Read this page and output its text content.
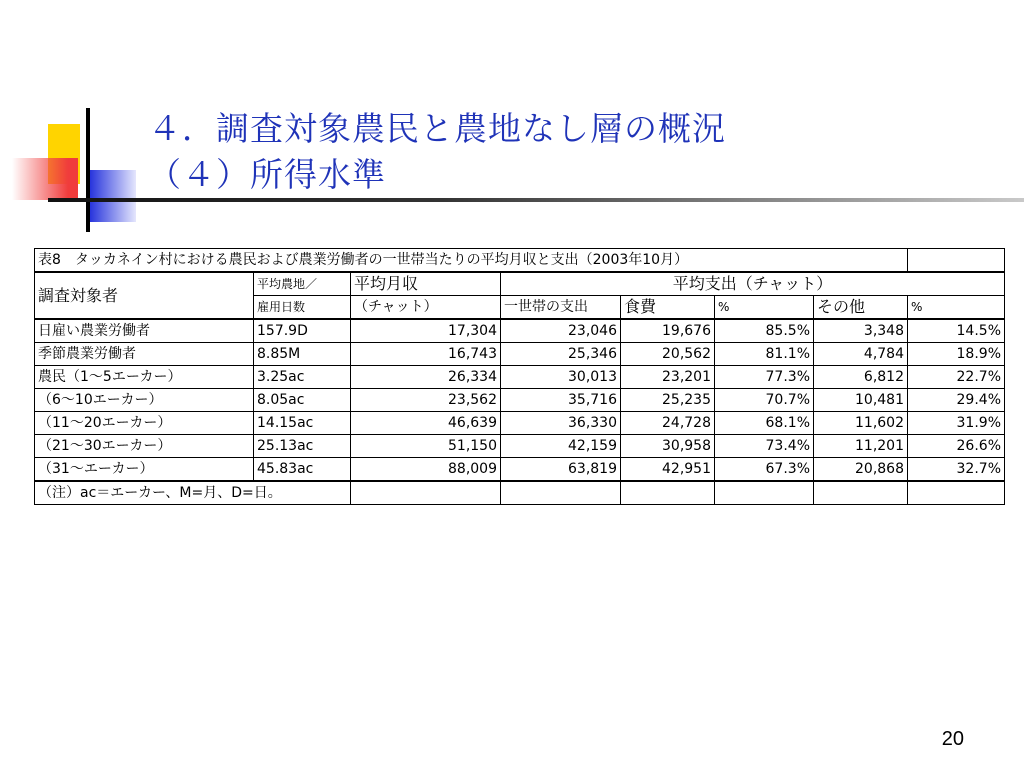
４．調査対象農民と農地なし層の概況
（４）所得水準
表8　タッカネイン村における農民および農業労働者の一世帯当たりの平均月収と支出（2003年10月）							
調査対象者	平均農地／	平均月収	平均支出（チャット）				
	雇用日数	（チャット）	一世帯の支出	食費	%	その他	%
日雇い農業労働者	157.9D	17,304	23,046	19,676	85.5%	3,348	14.5%
季節農業労働者	8.85M	16,743	25,346	20,562	81.1%	4,784	18.9%
農民（1～5エーカー）	3.25ac	26,334	30,013	23,201	77.3%	6,812	22.7%
（6～10エーカー）	8.05ac	23,562	35,716	25,235	70.7%	10,481	29.4%
（11～20エーカー）	14.15ac	46,639	36,330	24,728	68.1%	11,602	31.9%
（21～30エーカー）	25.13ac	51,150	42,159	30,958	73.4%	11,201	26.6%
（31～エーカー）	45.83ac	88,009	63,819	42,951	67.3%	20,868	32.7%
（注）ac＝エーカー、M=月、D=日。							
20
